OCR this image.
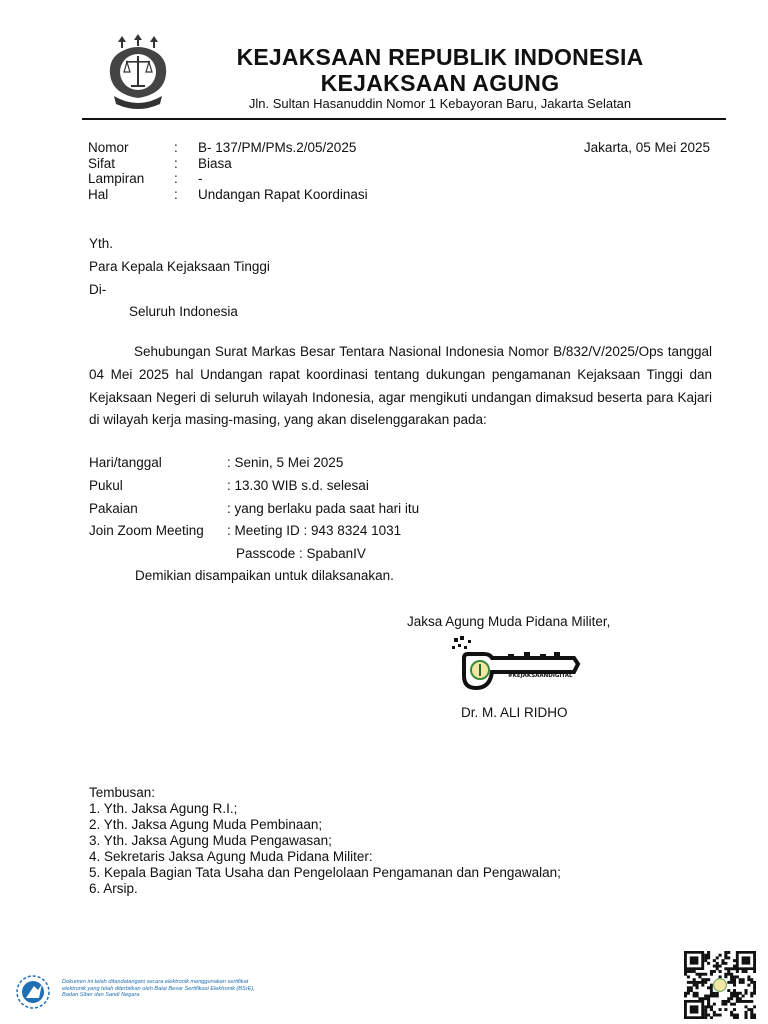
KEJAKSAAN REPUBLIK INDONESIA
KEJAKSAAN AGUNG
Jln. Sultan Hasanuddin Nomor 1 Kebayoran Baru, Jakarta Selatan
Nomor	:	B- 137/PM/PMs.2/05/2025
Sifat	:	Biasa
Lampiran	:	-
Hal	:	Undangan Rapat Koordinasi
Jakarta, 05 Mei 2025
Yth.
Para Kepala Kejaksaan Tinggi
Di-
Seluruh Indonesia
Sehubungan Surat Markas Besar Tentara Nasional Indonesia Nomor B/832/V/2025/Ops tanggal 04 Mei 2025 hal Undangan rapat koordinasi tentang dukungan pengamanan Kejaksaan Tinggi dan Kejaksaan Negeri di seluruh wilayah Indonesia, agar mengikuti undangan dimaksud beserta para Kajari di wilayah kerja masing-masing, yang akan diselenggarakan pada:
Hari/tanggal	: Senin, 5 Mei 2025
Pukul	: 13.30 WIB s.d. selesai
Pakaian	: yang berlaku pada saat hari itu
Join Zoom Meeting : Meeting ID : 943 8324 1031
Passcode : SpabanIV
Demikian disampaikan untuk dilaksanakan.
Jaksa Agung Muda Pidana Militer,
#KEJAKSAANDIGITAL
Dr. M. ALI RIDHO
Tembusan:
1. Yth. Jaksa Agung R.I.;
2. Yth. Jaksa Agung Muda Pembinaan;
3. Yth. Jaksa Agung Muda Pengawasan;
4. Sekretaris Jaksa Agung Muda Pidana Militer:
5. Kepala Bagian Tata Usaha dan Pengelolaan Pengamanan dan Pengawalan;
6. Arsip.
Dokumen ini telah ditandatangani secara elektronik menggunakan sertifikat elektronik yang telah diterbitkan oleh Balai Besar Sertifikasi Elektronik (BSrE), Badan Siber dan Sandi Negara
